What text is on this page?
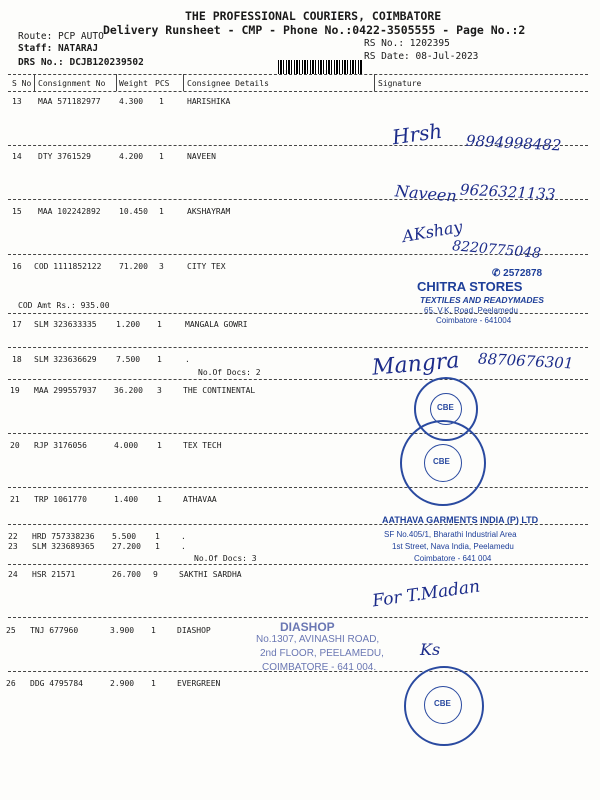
THE PROFESSIONAL COURIERS, COIMBATORE
Delivery Runsheet - CMP - Phone No.:0422-3505555 - Page No.:2
Route: PCP AUTO
Staff: NATARAJ
DRS No.: DCJB120239502
RS No.: 1202395
RS Date: 08-Jul-2023
S No Consignment No Weight PCS Consignee Details	Signature
13 MAA 571182977 4.300 1	HARISHIKA
14 DTY 3761529	4.200 1	NAVEEN
15 MAA 102242892 10.450 1	AKSHAYRAM
16 COD 1111852122 71.200 3	CITY TEX
COD Amt Rs.: 935.00
17 SLM 323633335 1.200 1	MANGALA GOWRI
18 SLM 323636629 7.500 1	.
No.Of Docs: 2
19 MAA 299557937 36.200 3	THE CONTINENTAL
20 RJP 3176056	4.000 1	TEX TECH
21 TRP 1061770	1.400 1	ATHAVAA
22 HRD 757338236 5.500 1	.
23 SLM 323689365 27.200 1	.
No.Of Docs: 3
24 HSR 21571	26.700 9	SAKTHI SARDHA
25 TNJ 677960	3.900 1	DIASHOP
26 DDG 4795784	2.900 1	EVERGREEN
Hrsh 9894998482
Naveen 9626321133
AKshay
8220775048
Mangra 8870676301
For T.Madan
Ks
✆ 2572878
CHITRA STORES
TEXTILES AND READYMADES
65, V.K. Road, Peelamedu
Coimbatore - 641004
AATHAVA GARMENTS INDIA (P) LTD
SF No.405/1, Bharathi Industrial Area
1st Street, Nava India, Peelamedu
Coimbatore - 641 004
DIASHOP
No.1307, AVINASHI ROAD,
2nd FLOOR, PEELAMEDU,
COIMBATORE - 641 004.
CBE
CBE
CBE
